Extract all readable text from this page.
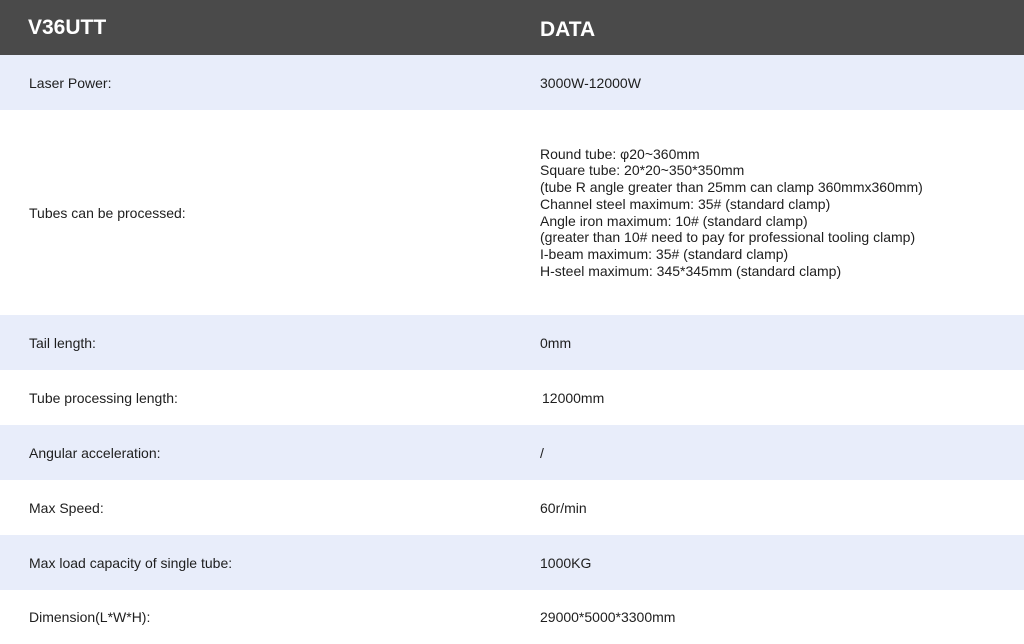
V36UTT	DATA
Laser Power:	3000W-12000W
Tubes can be processed:
Round tube: φ20~360mm
Square tube: 20*20~350*350mm
(tube R angle greater than 25mm can clamp 360mmx360mm)
Channel steel maximum: 35# (standard clamp)
Angle iron maximum: 10# (standard clamp)
(greater than 10# need to pay for professional tooling clamp)
I-beam maximum: 35# (standard clamp)
H-steel maximum: 345*345mm (standard clamp)
Tail length:	0mm
Tube processing length:	12000mm
Angular acceleration:	/
Max Speed:	60r/min
Max load capacity of single tube:	1000KG
Dimension(L*W*H):	29000*5000*3300mm
